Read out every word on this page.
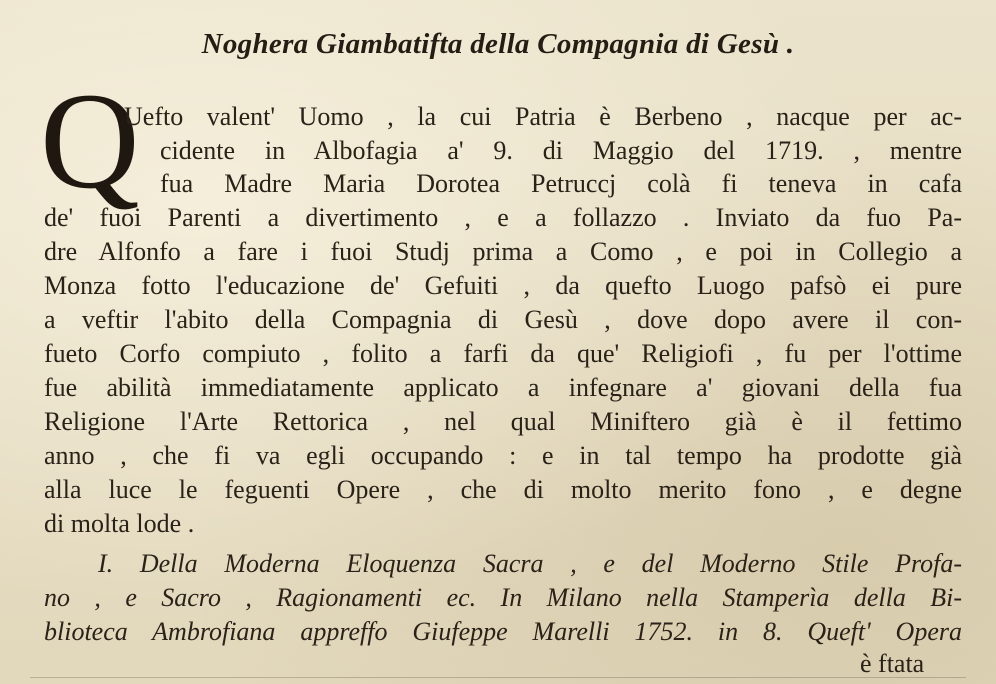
Noghera Giambatifta della Compagnia di Gesù .
Q

Uefto valent' Uomo , la cui Patria è Berbeno , nacque per ac-

cidente in Albofagia a' 9. di Maggio del 1719. , mentre

fua Madre Maria Dorotea Petruccj colà fi teneva in cafa

de' fuoi Parenti a divertimento , e a follazzo . Inviato da fuo Pa-

dre Alfonfo a fare i fuoi Studj prima a Como , e poi in Collegio a

Monza fotto l'educazione de' Gefuiti , da quefto Luogo pafsò ei pure

a veftir l'abito della Compagnia di Gesù , dove dopo avere il con-

fueto Corfo compiuto , folito a farfi da que' Religiofi , fu per l'ottime

fue abilità immediatamente applicato a infegnare a' giovani della fua

Religione l'Arte Rettorica , nel qual Miniftero già è il fettimo

anno , che fi va egli occupando : e in tal tempo ha prodotte già

alla luce le feguenti Opere , che di molto merito fono , e degne

di molta lode .

I. Della Moderna Eloquenza Sacra , e del Moderno Stile Profa-

no , e Sacro , Ragionamenti ec. In Milano nella Stamperìa della Bi-

blioteca Ambrofiana appreffo Giufeppe Marelli 1752. in 8. Queft' Opera

è ftata
